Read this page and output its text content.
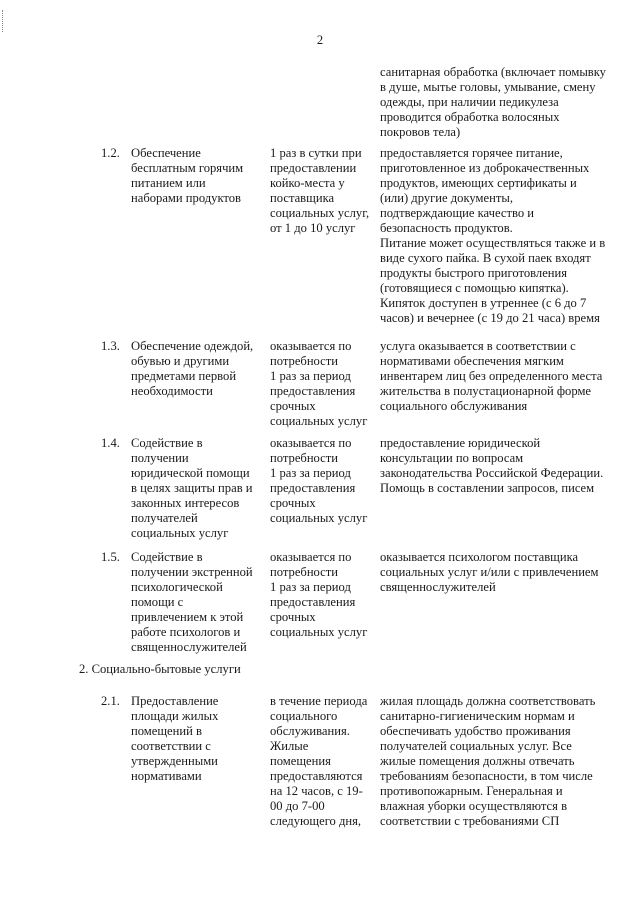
2
санитарная обработка (включает помывку
в душе, мытье головы, умывание, смену
одежды, при наличии педикулеза
проводится обработка волосяных
покровов тела)
1.2. Обеспечение
бесплатным горячим
питанием или
наборами продуктов
1 раз в сутки при
предоставлении
койко-места у
поставщика
социальных услуг,
от 1 до 10 услуг
предоставляется горячее питание,
приготовленное из доброкачественных
продуктов, имеющих сертификаты и
(или) другие документы,
подтверждающие качество и
безопасность продуктов.
Питание может осуществляться также и в
виде сухого пайка. В сухой паек входят
продукты быстрого приготовления
(готовящиеся с помощью кипятка).
Кипяток доступен в утреннее (с 6 до 7
часов) и вечернее (с 19 до 21 часа) время
1.3. Обеспечение одеждой,
обувью и другими
предметами первой
необходимости
оказывается по
потребности
1 раз за период
предоставления
срочных
социальных услуг
услуга оказывается в соответствии с
нормативами обеспечения мягким
инвентарем лиц без определенного места
жительства в полустационарной форме
социального обслуживания
1.4. Содействие в
получении
юридической помощи
в целях защиты прав и
законных интересов
получателей
социальных услуг
оказывается по
потребности
1 раз за период
предоставления
срочных
социальных услуг
предоставление юридической
консультации по вопросам
законодательства Российской Федерации.
Помощь в составлении запросов, писем
1.5. Содействие в
получении экстренной
психологической
помощи с
привлечением к этой
работе психологов и
священнослужителей
оказывается по
потребности
1 раз за период
предоставления
срочных
социальных услуг
оказывается психологом поставщика
социальных услуг и/или с привлечением
священнослужителей
2. Социально-бытовые услуги
2.1. Предоставление
площади жилых
помещений в
соответствии с
утвержденными
нормативами
в течение периода
социального
обслуживания.
Жилые
помещения
предоставляются
на 12 часов, с 19-
00 до 7-00
следующего дня,
жилая площадь должна соответствовать
санитарно-гигиеническим нормам и
обеспечивать удобство проживания
получателей социальных услуг. Все
жилые помещения должны отвечать
требованиям безопасности, в том числе
противопожарным. Генеральная и
влажная уборки осуществляются в
соответствии с требованиями СП
